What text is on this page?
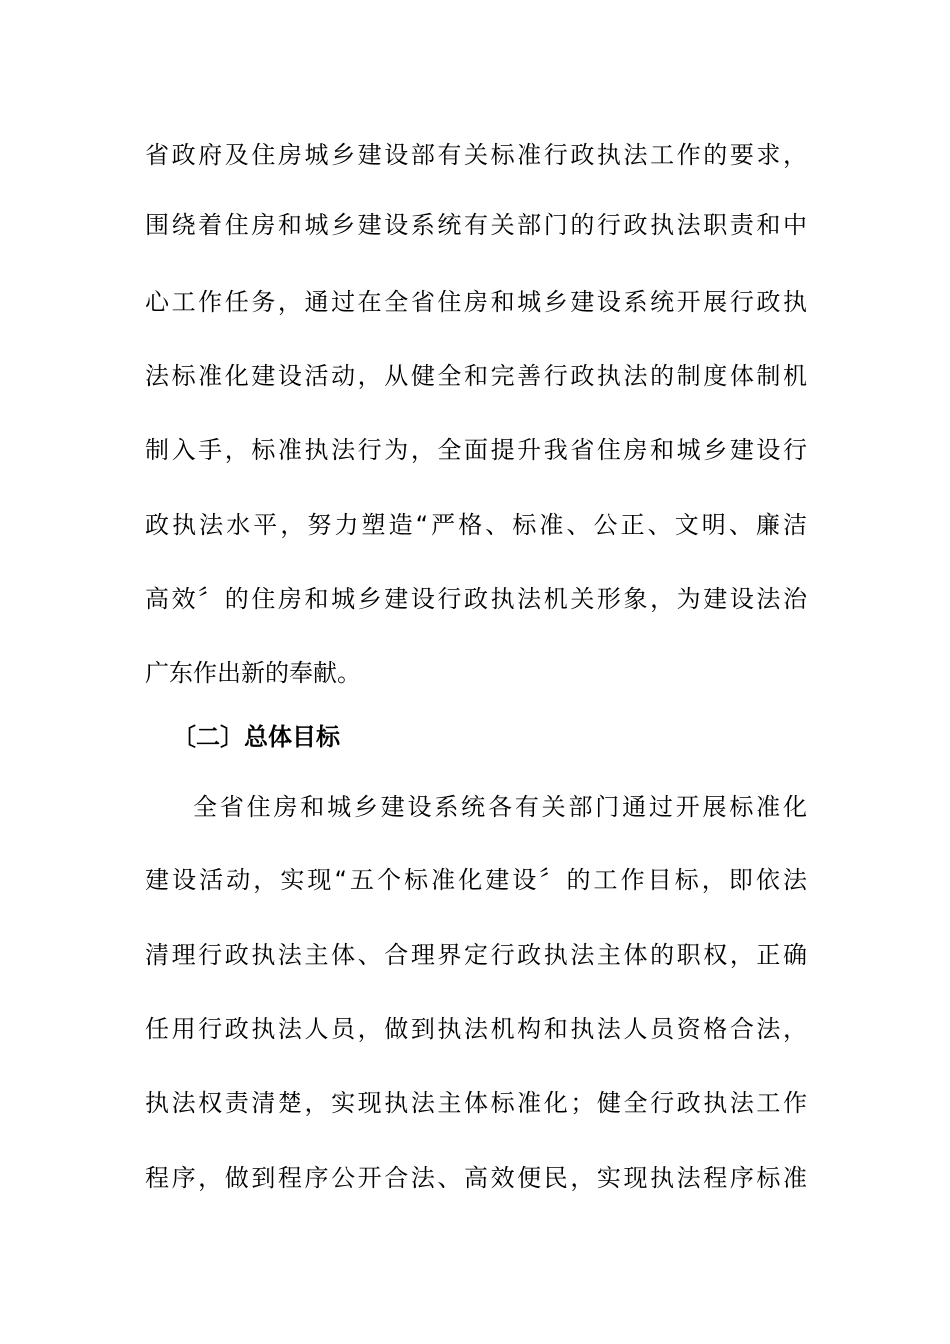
省政府及住房城乡建设部有关标准行政执法工作的要求，
围绕着住房和城乡建设系统有关部门的行政执法职责和中
心工作任务，通过在全省住房和城乡建设系统开展行政执
法标准化建设活动，从健全和完善行政执法的制度体制机
制入手，标准执法行为，全面提升我省住房和城乡建设行
政执法水平，努力塑造“严格、标准、公正、文明、廉洁
高效〞的住房和城乡建设行政执法机关形象，为建设法治
广东作出新的奉献。
〔二〕总体目标
全省住房和城乡建设系统各有关部门通过开展标准化
建设活动，实现“五个标准化建设〞的工作目标，即依法
清理行政执法主体、合理界定行政执法主体的职权，正确
任用行政执法人员，做到执法机构和执法人员资格合法，
执法权责清楚，实现执法主体标准化；健全行政执法工作
程序，做到程序公开合法、高效便民，实现执法程序标准
